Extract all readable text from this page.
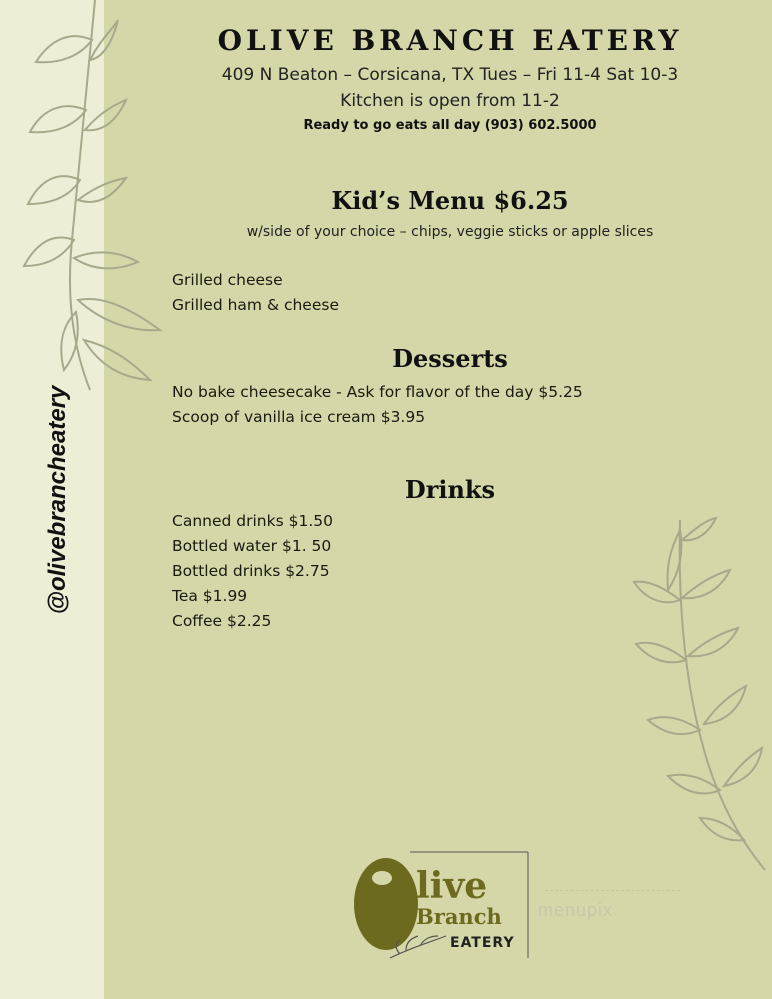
@olivebrancheatery
OLIVE BRANCH EATERY
409 N Beaton – Corsicana, TX Tues – Fri 11-4 Sat 10-3
Kitchen is open from 11-2
Ready to go eats all day (903) 602.5000
Kid’s Menu $6.25
w/side of your choice – chips, veggie sticks or apple slices
Grilled cheese
Grilled ham & cheese
Desserts
No bake cheesecake - Ask for flavor of the day $5.25
Scoop of vanilla ice cream $3.95
Drinks
Canned drinks $1.50
Bottled water $1. 50
Bottled drinks $2.75
Tea $1.99
Coffee $2.25
live
Branch
EATERY
menupix
